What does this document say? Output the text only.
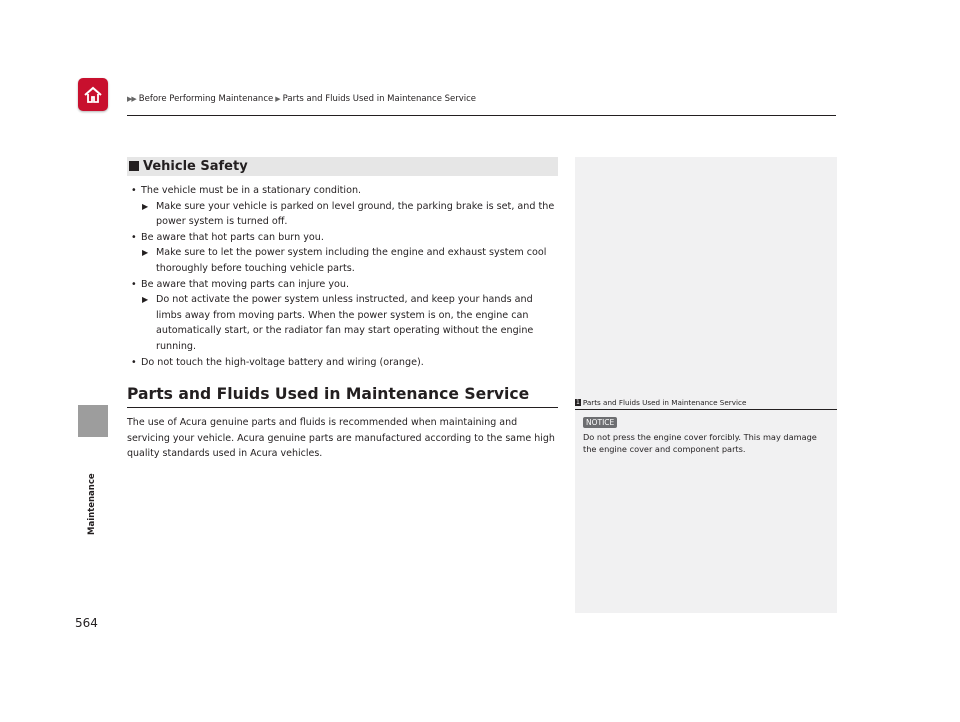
▶▶ Before Performing Maintenance ▶ Parts and Fluids Used in Maintenance Service
Maintenance
Vehicle Safety
• The vehicle must be in a stationary condition.
▶ Make sure your vehicle is parked on level ground, the parking brake is set, and the power system is turned off.
• Be aware that hot parts can burn you.
▶ Make sure to let the power system including the engine and exhaust system cool thoroughly before touching vehicle parts.
• Be aware that moving parts can injure you.
▶ Do not activate the power system unless instructed, and keep your hands and limbs away from moving parts. When the power system is on, the engine can automatically start, or the radiator fan may start operating without the engine running.
• Do not touch the high-voltage battery and wiring (orange).
Parts and Fluids Used in Maintenance Service
The use of Acura genuine parts and fluids is recommended when maintaining and servicing your vehicle. Acura genuine parts are manufactured according to the same high quality standards used in Acura vehicles.
1 Parts and Fluids Used in Maintenance Service
NOTICE
Do not press the engine cover forcibly. This may damage the engine cover and component parts.
564
